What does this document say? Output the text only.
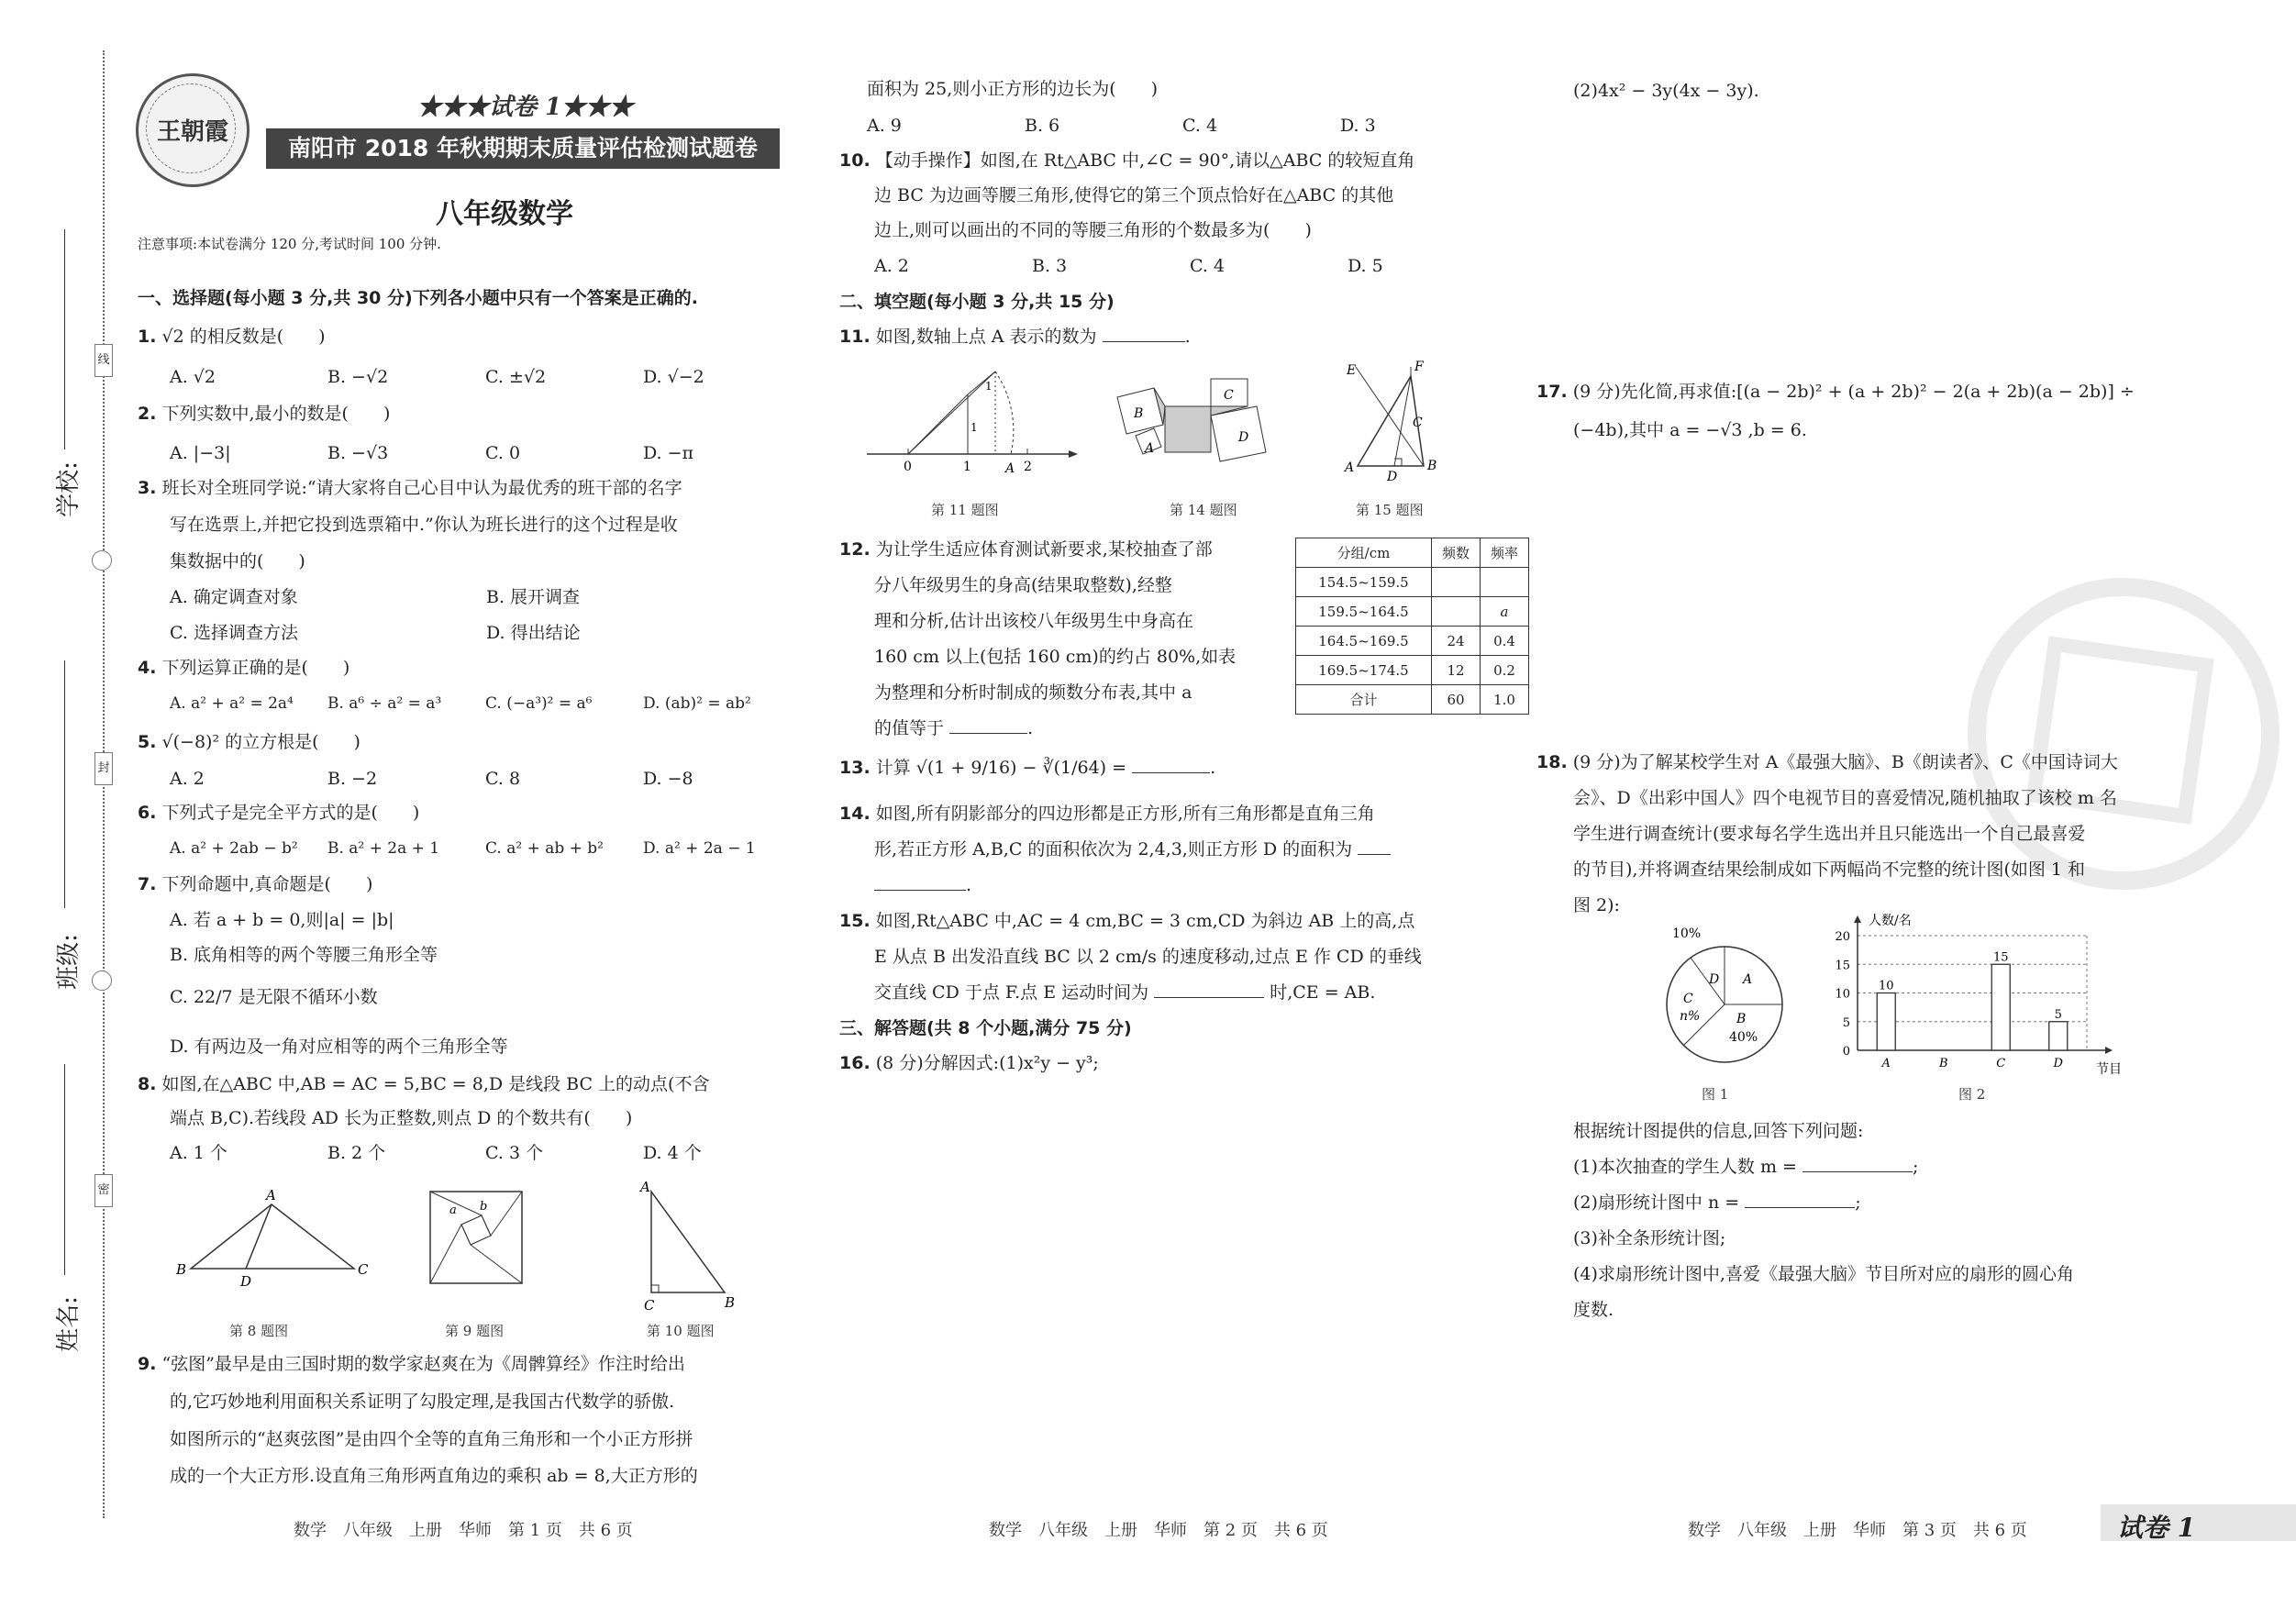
线
封
密
学校:
班级:
姓名:
王朝霞
★★★试卷 1★★★
南阳市 2018 年秋期期末质量评估检测试题卷
八年级数学
注意事项:本试卷满分 120 分,考试时间 100 分钟.
一、选择题(每小题 3 分,共 30 分)下列各小题中只有一个答案是正确的.
1. √2 的相反数是(　　)
A. √2	B. −√2	C. ±√2	D. √−2
2. 下列实数中,最小的数是(　　)
A. |−3|	B. −√3	C. 0	D. −π
3. 班长对全班同学说:“请大家将自己心目中认为最优秀的班干部的名字
写在选票上,并把它投到选票箱中.”你认为班长进行的这个过程是收
集数据中的(　　)
A. 确定调查对象	B. 展开调查
C. 选择调查方法	D. 得出结论
4. 下列运算正确的是(　　)
A. a² + a² = 2a⁴ B. a⁶ ÷ a² = a³	C. (−a³)² = a⁶	D. (ab)² = ab²
5. √(−8)² 的立方根是(　　)
A. 2	B. −2	C. 8	D. −8
6. 下列式子是完全平方式的是(　　)
A. a² + 2ab − b² B. a² + 2a + 1	C. a² + ab + b²	D. a² + 2a − 1
7. 下列命题中,真命题是(　　)
A. 若 a + b = 0,则|a| = |b|
B. 底角相等的两个等腰三角形全等
C. 22/7 是无限不循环小数
D. 有两边及一角对应相等的两个三角形全等
8. 如图,在△ABC 中,AB = AC = 5,BC = 8,D 是线段 BC 上的动点(不含
端点 B,C).若线段 AD 长为正整数,则点 D 的个数共有(　　)
A. 1 个	B. 2 个	C. 3 个	D. 4 个
A
B
D
C
第 8 题图
a b
第 9 题图
A
C	B
第 10 题图
9. “弦图”最早是由三国时期的数学家赵爽在为《周髀算经》作注时给出
的,它巧妙地利用面积关系证明了勾股定理,是我国古代数学的骄傲.
如图所示的“赵爽弦图”是由四个全等的直角三角形和一个小正方形拼
成的一个大正方形.设直角三角形两直角边的乘积 ab = 8,大正方形的
数学　八年级　上册　华师　第 1 页　共 6 页
面积为 25,则小正方形的边长为(　　)
A. 9	B. 6	C. 4	D. 3
10. 【动手操作】如图,在 Rt△ABC 中,∠C = 90°,请以△ABC 的较短直角
边 BC 为边画等腰三角形,使得它的第三个顶点恰好在△ABC 的其他
边上,则可以画出的不同的等腰三角形的个数最多为(　　)
A. 2	B. 3	C. 4	D. 5
二、填空题(每小题 3 分,共 15 分)
11. 如图,数轴上点 A 表示的数为	.
0	1	A 2
1
1
第 11 题图
A
B
C
D
第 14 题图
E	F
C
A
D
B
第 15 题图
12. 为让学生适应体育测试新要求,某校抽查了部
分八年级男生的身高(结果取整数),经整
理和分析,估计出该校八年级男生中身高在
160 cm 以上(包括 160 cm)的约占 80%,如表
为整理和分析时制成的频数分布表,其中 a
的值等于	.
分组/cm	频数	频率
154.5~159.5		
159.5~164.5		a
164.5~169.5	24	0.4
169.5~174.5	12	0.2
合计	60	1.0
13. 计算 √(1 + 9/16) − ∛(1/64) =	.
14. 如图,所有阴影部分的四边形都是正方形,所有三角形都是直角三角
形,若正方形 A,B,C 的面积依次为 2,4,3,则正方形 D 的面积为
.
15. 如图,Rt△ABC 中,AC = 4 cm,BC = 3 cm,CD 为斜边 AB 上的高,点
E 从点 B 出发沿直线 BC 以 2 cm/s 的速度移动,过点 E 作 CD 的垂线
交直线 CD 于点 F.点 E 运动时间为	时,CE = AB.
三、解答题(共 8 个小题,满分 75 分)
16. (8 分)分解因式:(1)x²y − y³;
数学　八年级　上册　华师　第 2 页　共 6 页
(2)4x² − 3y(4x − 3y).
17. (9 分)先化简,再求值:[(a − 2b)² + (a + 2b)² − 2(a + 2b)(a − 2b)] ÷
(−4b),其中 a = −√3 ,b = 6.
18. (9 分)为了解某校学生对 A《最强大脑》、B《朗读者》、C《中国诗词大
会》、D《出彩中国人》四个电视节目的喜爱情况,随机抽取了该校 m 名
学生进行调查统计(要求每名学生选出并且只能选出一个自己最喜爱
的节目),并将调查结果绘制成如下两幅尚不完整的统计图(如图 1 和
图 2):
10%
D A
C
n%	B
40%
图 1
人数/名
节目
0
5
10
15
20
A
10
B	C
15
D
5
图 2
根据统计图提供的信息,回答下列问题:
(1)本次抽查的学生人数 m =	;
(2)扇形统计图中 n =	;
(3)补全条形统计图;
(4)求扇形统计图中,喜爱《最强大脑》节目所对应的扇形的圆心角
度数.
数学　八年级　上册　华师　第 3 页　共 6 页	试卷 1
